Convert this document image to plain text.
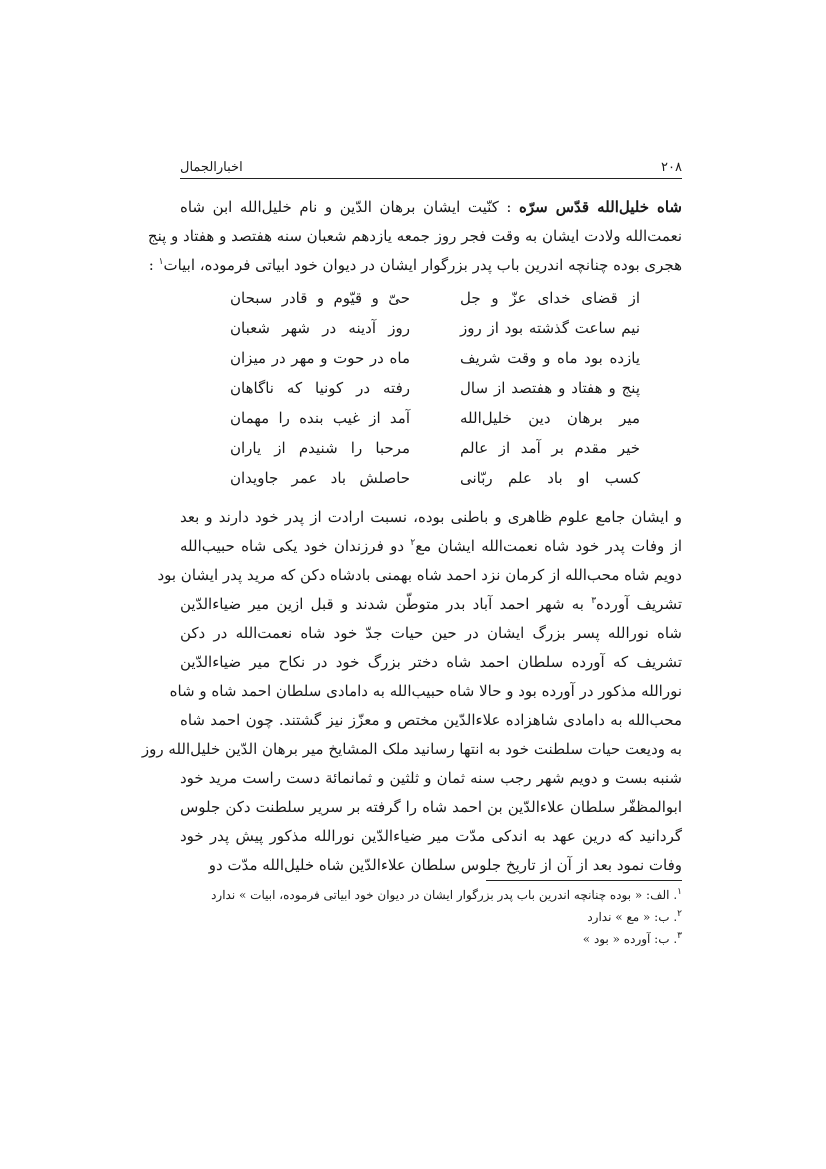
اخبارالجمال	۲۰۸
شاه خلیل‌الله قدّس سرّه : کنّیت ایشان برهان الدّین و نام خلیل‌الله ابن شاه
نعمت‌الله ولادت ایشان به وقت فجر روز جمعه یازدهم شعبان سنه هفتصد و هفتاد و پنج
هجری بوده چنانچه اندرین باب پدر بزرگوار ایشان در دیوان خود ابیاتی فرموده، ابیات$^۱$ :
از قضای خدای عزّ و جل
حیّ و قیّوم و قادر سبحان
نیم ساعت گذشته بود از روز
روز آدینه در شهر شعبان
یازده بود ماه و وقت شریف
ماه در حوت و مهر در میزان
پنج و هفتاد و هفتصد از سال
رفته در کونیا که ناگاهان
میر برهان دین خلیل‌الله
آمد از غیب بنده را مهمان
خیر مقدم بر آمد از عالم
مرحبا را شنیدم از یاران
کسب او باد علم ربّانی
حاصلش باد عمر جاویدان
و ایشان جامع علوم ظاهری و باطنی بوده، نسبت ارادت از پدر خود دارند و بعد
از وفات پدر خود شاه نعمت‌الله ایشان مع$^۲$ دو فرزندان خود یکی شاه حبیب‌الله
دویم شاه محب‌الله از کرمان نزد احمد شاه بهمنی بادشاه دکن که مرید پدر ایشان بود
تشریف آورده$^۳$ به شهر احمد آباد بدر متوطّن شدند و قبل ازین میر ضیاءالدّین
شاه نورالله پسر بزرگ ایشان در حین حیات جدّ خود شاه نعمت‌الله در دکن
تشریف که آورده سلطان احمد شاه دختر بزرگ خود در نکاح میر ضیاءالدّین
نورالله مذکور در آورده بود و حالا شاه حبیب‌الله به دامادی سلطان احمد شاه و شاه
محب‌الله به دامادی شاهزاده علاءالدّین مختص و معزّز نیز گشتند. چون احمد شاه
به ودیعت حیات سلطنت خود به انتها رسانید ملک المشایخ میر برهان الدّین خلیل‌الله روز
شنبه بست و دویم شهر رجب سنه ثمان و ثلثین و ثمانمائة دست راست مرید خود
ابوالمظفّر سلطان علاءالدّین بن احمد شاه را گرفته بر سریر سلطنت دکن جلوس
گردانید که درین عهد به اندکی مدّت میر ضیاءالدّین نورالله مذکور پیش پدر خود
وفات نمود بعد از آن از تاریخ جلوس سلطان علاءالدّین شاه خلیل‌الله مدّت دو
$^۱$. الف: « بوده چنانچه اندرین باب پدر بزرگوار ایشان در دیوان خود ابیاتی فرموده، ابیات » ندارد
$^۲$. ب: « مع » ندارد
$^۳$. ب: آورده « بود »
